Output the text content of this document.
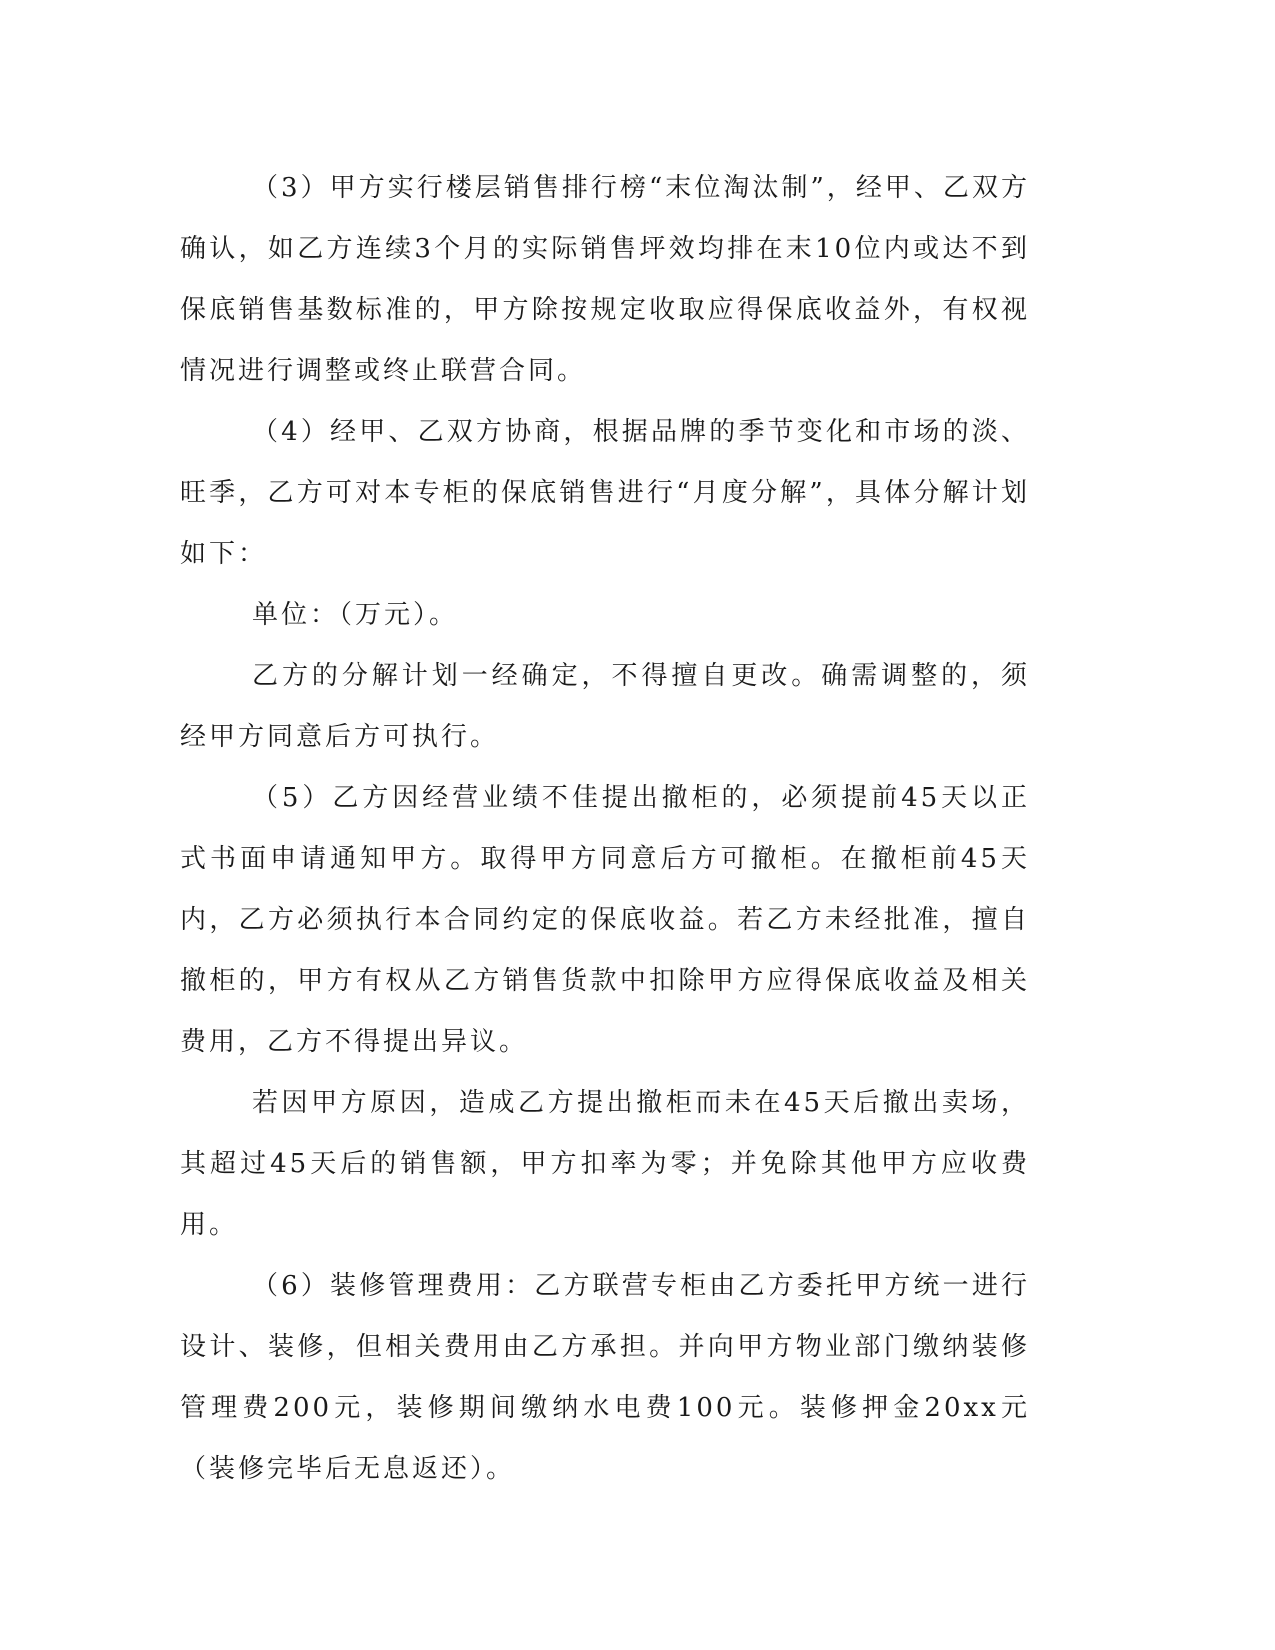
（3）甲方实行楼层销售排行榜“末位淘汰制”，经甲、乙双方确认，如乙方连续3个月的实际销售坪效均排在末10位内或达不到保底销售基数标准的，甲方除按规定收取应得保底收益外，有权视情况进行调整或终止联营合同。

（4）经甲、乙双方协商，根据品牌的季节变化和市场的淡、旺季，乙方可对本专柜的保底销售进行“月度分解”，具体分解计划如下：

单位：（万元）。

乙方的分解计划一经确定，不得擅自更改。确需调整的，须经甲方同意后方可执行。

（5）乙方因经营业绩不佳提出撤柜的，必须提前45天以正式书面申请通知甲方。取得甲方同意后方可撤柜。在撤柜前45天内，乙方必须执行本合同约定的保底收益。若乙方未经批准，擅自撤柜的，甲方有权从乙方销售货款中扣除甲方应得保底收益及相关费用，乙方不得提出异议。

若因甲方原因，造成乙方提出撤柜而未在45天后撤出卖场，其超过45天后的销售额，甲方扣率为零；并免除其他甲方应收费用。

（6）装修管理费用：乙方联营专柜由乙方委托甲方统一进行设计、装修，但相关费用由乙方承担。并向甲方物业部门缴纳装修管理费200元，装修期间缴纳水电费100元。装修押金20xx元（装修完毕后无息返还）。
